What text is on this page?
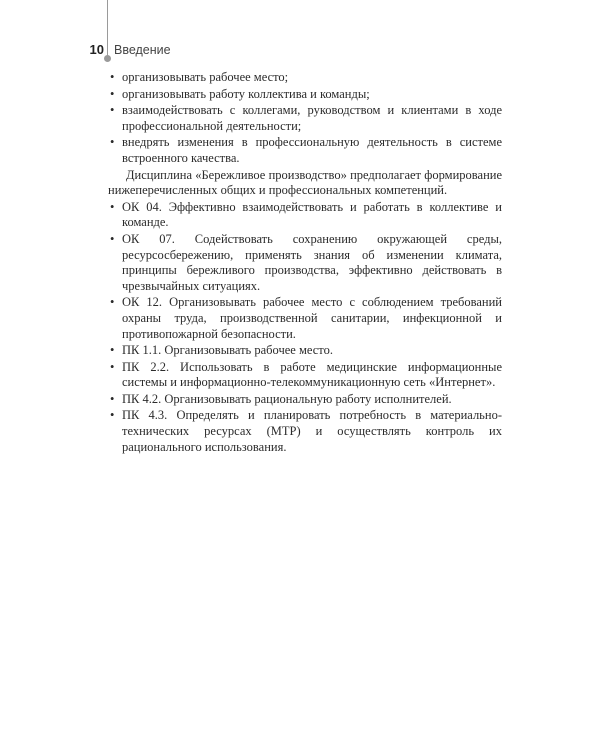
10 Введение
• организовывать рабочее место;
• организовывать работу коллектива и команды;
• взаимодействовать с коллегами, руководством и клиентами в ходе профессиональной деятельности;
• внедрять изменения в профессиональную деятельность в системе встроенного качества.

Дисциплина «Бережливое производство» предполагает формирование нижеперечисленных общих и профессиональных компетенций.

• ОК 04. Эффективно взаимодействовать и работать в коллективе и команде.
• ОК 07. Содействовать сохранению окружающей среды, ресурсосбережению, применять знания об изменении климата, принципы бережливого производства, эффективно действовать в чрезвычайных ситуациях.
• ОК 12. Организовывать рабочее место с соблюдением требований охраны труда, производственной санитарии, инфекционной и противопожарной безопасности.
• ПК 1.1. Организовывать рабочее место.
• ПК 2.2. Использовать в работе медицинские информационные системы и информационно-телекоммуникационную сеть «Интернет».
• ПК 4.2. Организовывать рациональную работу исполнителей.
• ПК 4.3. Определять и планировать потребность в материально-технических ресурсах (МТР) и осуществлять контроль их рационального использования.
